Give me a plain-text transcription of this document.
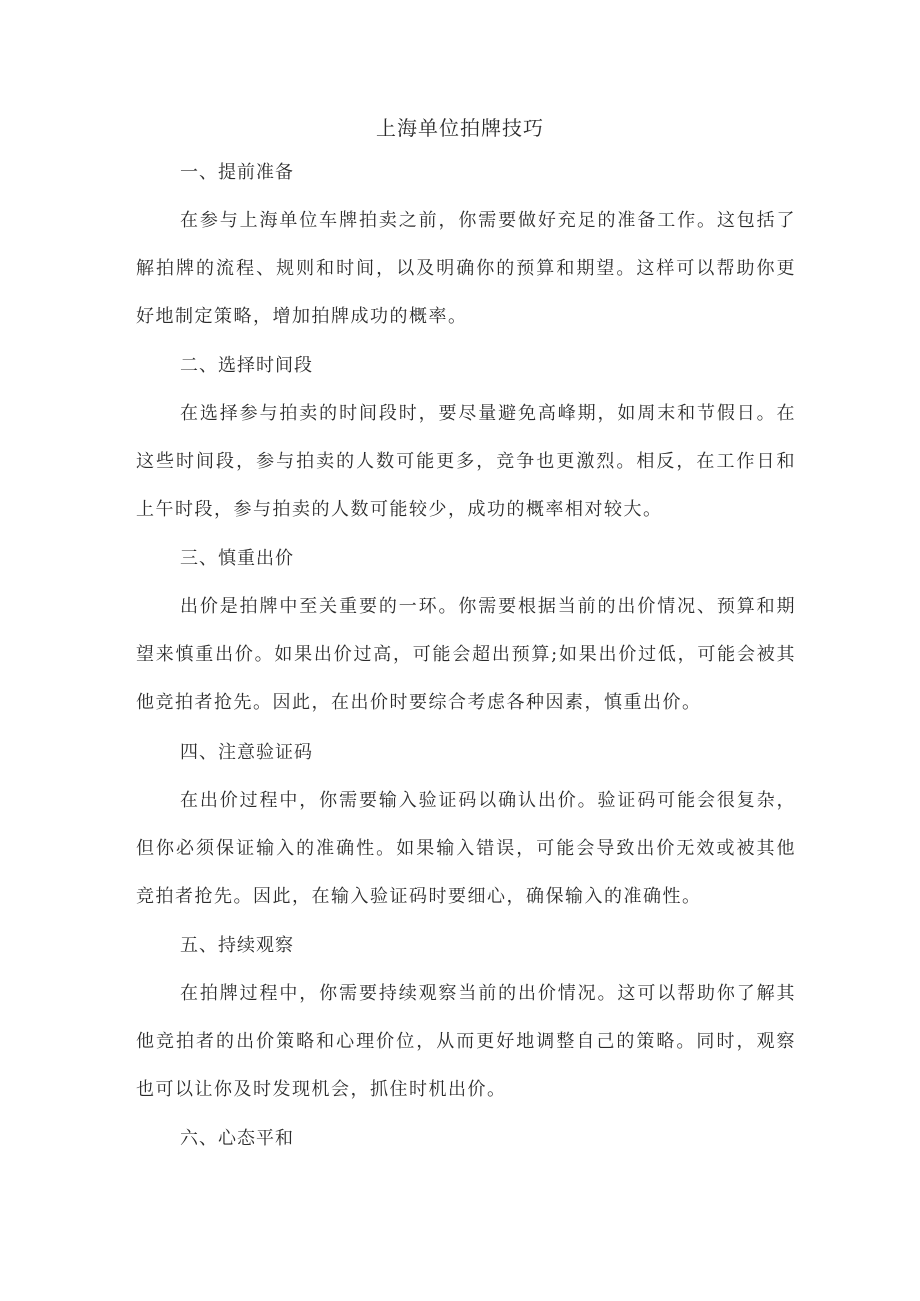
上海单位拍牌技巧
一、提前准备

在参与上海单位车牌拍卖之前，你需要做好充足的准备工作。这包括了解拍牌的流程、规则和时间，以及明确你的预算和期望。这样可以帮助你更好地制定策略，增加拍牌成功的概率。

二、选择时间段

在选择参与拍卖的时间段时，要尽量避免高峰期，如周末和节假日。在这些时间段，参与拍卖的人数可能更多，竞争也更激烈。相反，在工作日和上午时段，参与拍卖的人数可能较少，成功的概率相对较大。

三、慎重出价

出价是拍牌中至关重要的一环。你需要根据当前的出价情况、预算和期望来慎重出价。如果出价过高，可能会超出预算;如果出价过低，可能会被其他竞拍者抢先。因此，在出价时要综合考虑各种因素，慎重出价。

四、注意验证码

在出价过程中，你需要输入验证码以确认出价。验证码可能会很复杂，但你必须保证输入的准确性。如果输入错误，可能会导致出价无效或被其他竞拍者抢先。因此，在输入验证码时要细心，确保输入的准确性。

五、持续观察

在拍牌过程中，你需要持续观察当前的出价情况。这可以帮助你了解其他竞拍者的出价策略和心理价位，从而更好地调整自己的策略。同时，观察也可以让你及时发现机会，抓住时机出价。

六、心态平和
